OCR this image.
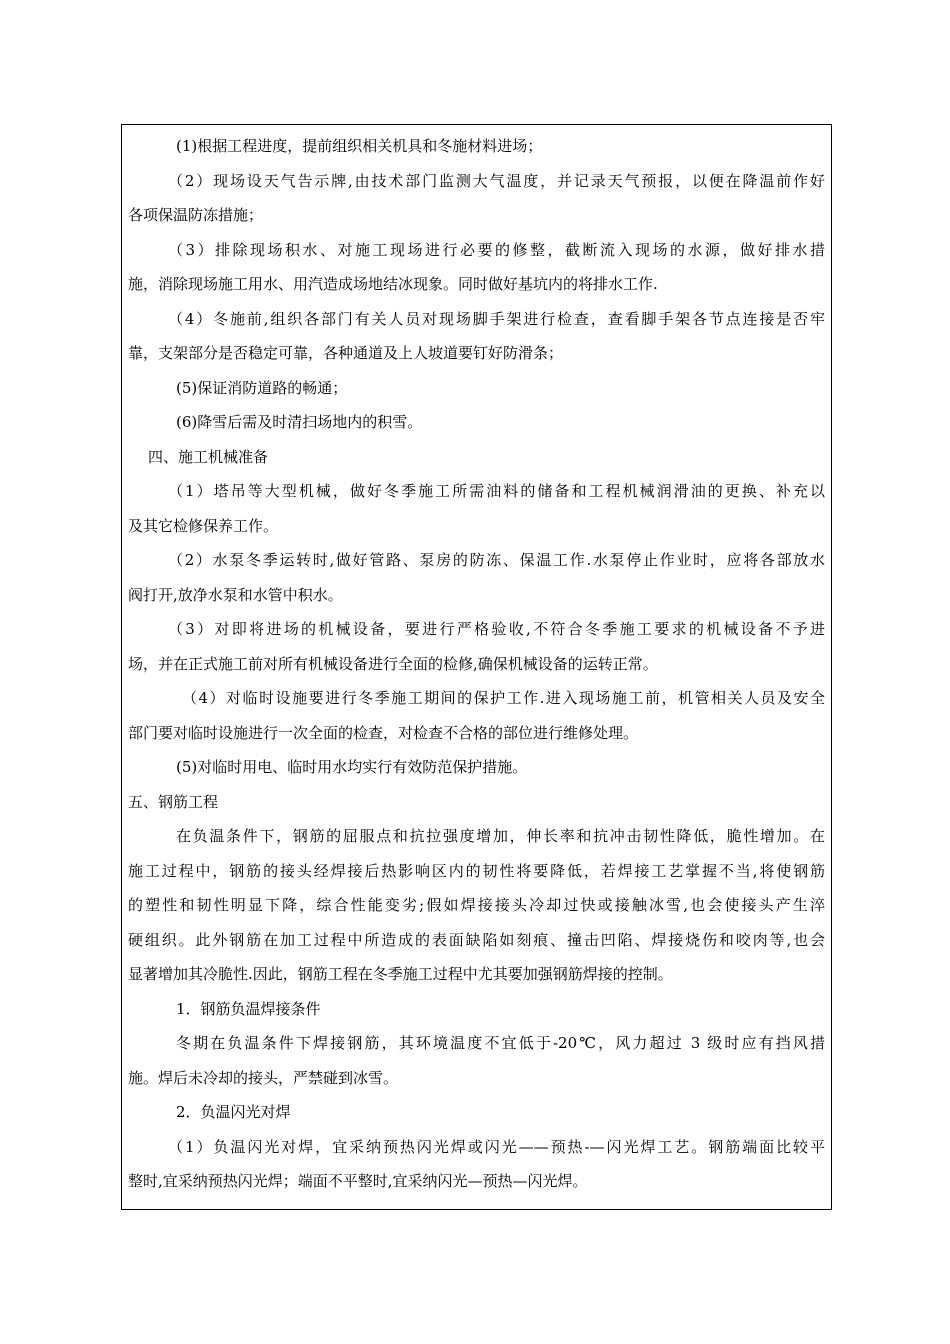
(1)根据工程进度，提前组织相关机具和冬施材料进场；
（2）现场设天气告示牌,由技术部门监测大气温度，并记录天气预报，以便在降温前作好
各项保温防冻措施；
（3）排除现场积水、对施工现场进行必要的修整，截断流入现场的水源，做好排水措
施，消除现场施工用水、用汽造成场地结冰现象。同时做好基坑内的将排水工作.
（4）冬施前,组织各部门有关人员对现场脚手架进行检查，查看脚手架各节点连接是否牢
靠，支架部分是否稳定可靠，各种通道及上人坡道要钉好防滑条；
(5)保证消防道路的畅通；
(6)降雪后需及时清扫场地内的积雪。
四、施工机械准备
（1）塔吊等大型机械，做好冬季施工所需油料的储备和工程机械润滑油的更换、补充以
及其它检修保养工作。
（2）水泵冬季运转时,做好管路、泵房的防冻、保温工作.水泵停止作业时，应将各部放水
阀打开,放净水泵和水管中积水。
（3）对即将进场的机械设备，要进行严格验收,不符合冬季施工要求的机械设备不予进
场，并在正式施工前对所有机械设备进行全面的检修,确保机械设备的运转正常。
（4）对临时设施要进行冬季施工期间的保护工作.进入现场施工前，机管相关人员及安全
部门要对临时设施进行一次全面的检查，对检查不合格的部位进行维修处理。
(5)对临时用电、临时用水均实行有效防范保护措施。
五、钢筋工程
在负温条件下，钢筋的屈服点和抗拉强度增加，伸长率和抗冲击韧性降低，脆性增加。在
施工过程中，钢筋的接头经焊接后热影响区内的韧性将要降低，若焊接工艺掌握不当,将使钢筋
的塑性和韧性明显下降，综合性能变劣;假如焊接接头冷却过快或接触冰雪,也会使接头产生淬
硬组织。此外钢筋在加工过程中所造成的表面缺陷如刻痕、撞击凹陷、焊接烧伤和咬肉等,也会
显著增加其冷脆性.因此，钢筋工程在冬季施工过程中尤其要加强钢筋焊接的控制。
1．钢筋负温焊接条件
冬期在负温条件下焊接钢筋，其环境温度不宜低于-20℃，风力超过 3 级时应有挡风措
施。焊后未冷却的接头，严禁碰到冰雪。
2．负温闪光对焊
（1）负温闪光对焊，宜采纳预热闪光焊或闪光——预热-—闪光焊工艺。钢筋端面比较平
整时,宜采纳预热闪光焊；端面不平整时,宜采纳闪光—预热—闪光焊。
